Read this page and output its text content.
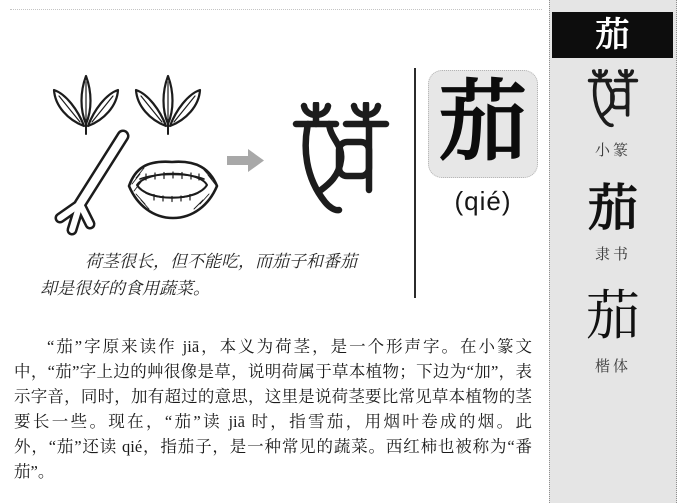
茄
(qié)
荷茎很长，但不能吃，而茄子和番茄
却是很好的食用蔬菜。
“茄”字原来读作 jiā，本义为荷茎，是一个形声字。在小篆文中，“茄”字上边的艸很像是草，说明荷属于草本植物；下边为“加”，表示字音，同时，加有超过的意思，这里是说荷茎要比常见草本植物的茎要长一些。现在，“茄”读 jiā 时，指雪茄，用烟叶卷成的烟。此外，“茄”还读 qié，指茄子，是一种常见的蔬菜。西红柿也被称为“番茄”。
茄
小篆
茄
隶书
茄
楷体
